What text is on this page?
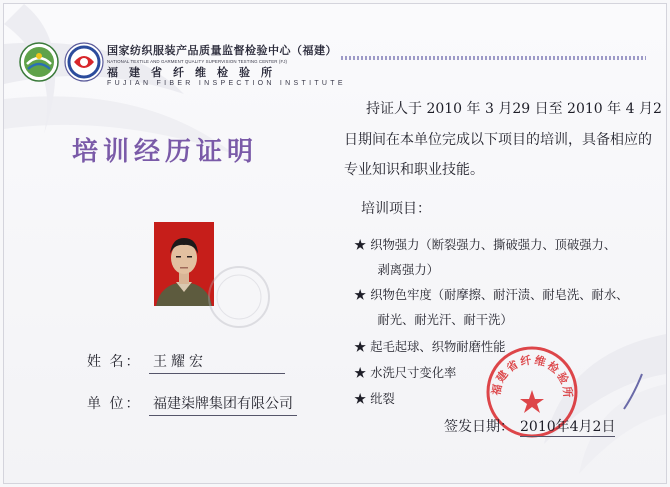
国家纺织服装产品质量监督检验中心（福建）
NATIONAL TEXTILE AND GARMENT QUALITY SUPERVISION TESTING CENTER (FJ)
福建省纤维检验所
FUJIAN FIBER INSPECTION INSTITUTE
培训经历证明
姓 名： 王耀宏
单 位： 福建柒牌集团有限公司
持证人于 2010 年 3 月29 日至 2010 年 4 月2
日期间在本单位完成以下项目的培训，具备相应的
专业知识和职业技能。
培训项目：
★ 织物强力（断裂强力、撕破强力、顶破强力、
剥离强力）
★ 织物色牢度（耐摩擦、耐汗渍、耐皂洗、耐水、
耐光、耐光汗、耐干洗）
★ 起毛起球、织物耐磨性能
★ 水洗尺寸变化率
★ 纰裂
福建省纤维检验所
签发日期： 2010年4月2日
